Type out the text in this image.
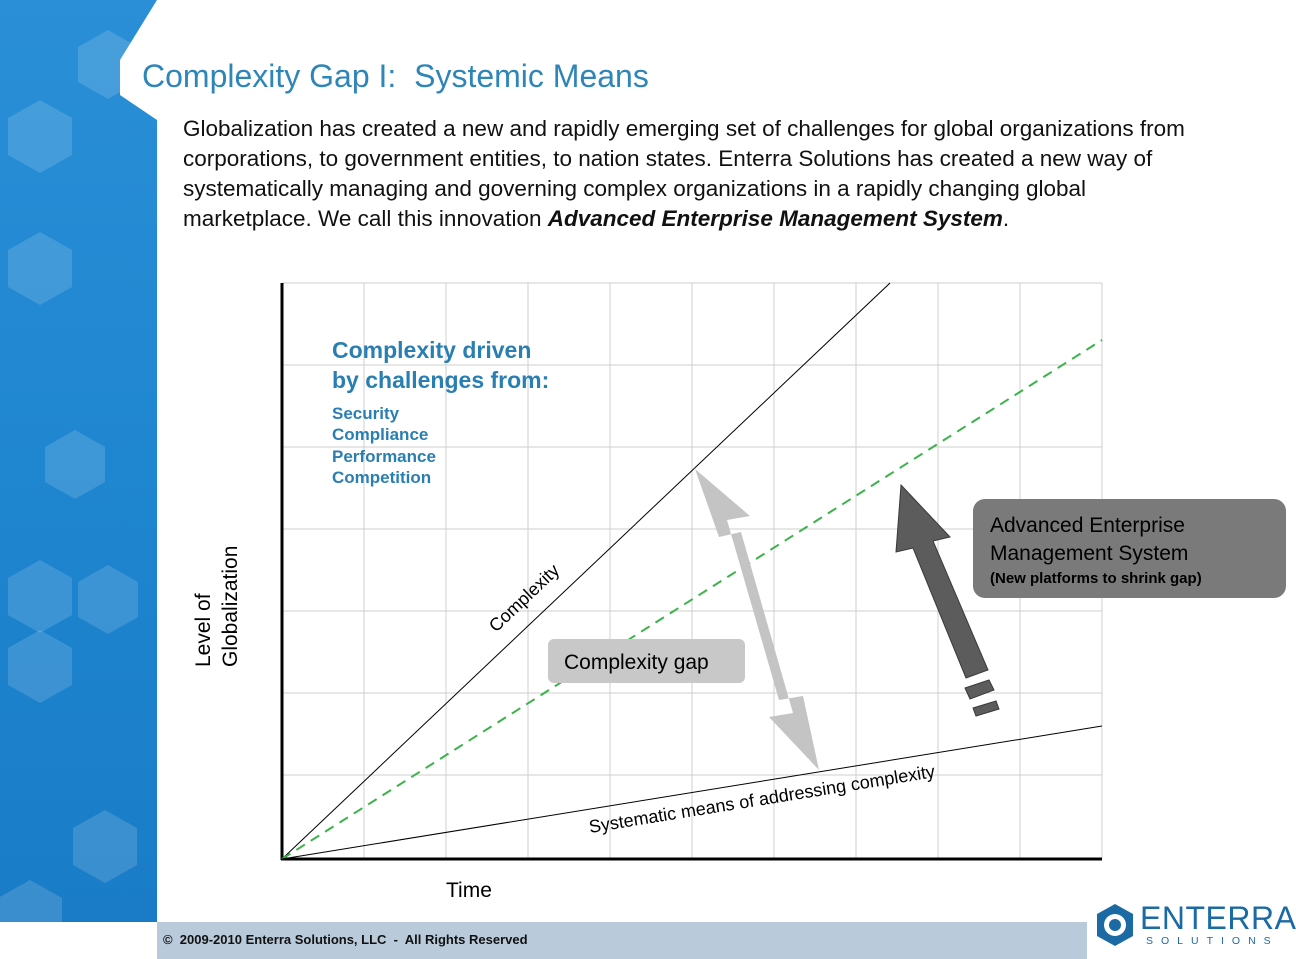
Complexity Gap I:  Systemic Means
Globalization has created a new and rapidly emerging set of challenges for global organizations from corporations, to government entities, to nation states. Enterra Solutions has created a new way of systematically managing and governing complex organizations in a rapidly changing global marketplace. We call this innovation Advanced Enterprise Management System.
Complexity
Systematic means of addressing complexity
Complexity driven
by challenges from:
Security
Compliance
Performance
Competition
Level of Globalization
Time
Complexity gap
Advanced Enterprise
Management System
(New platforms to shrink gap)
©  2009-2010 Enterra Solutions, LLC  -  All Rights Reserved
ENTERRA
SOLUTIONS
